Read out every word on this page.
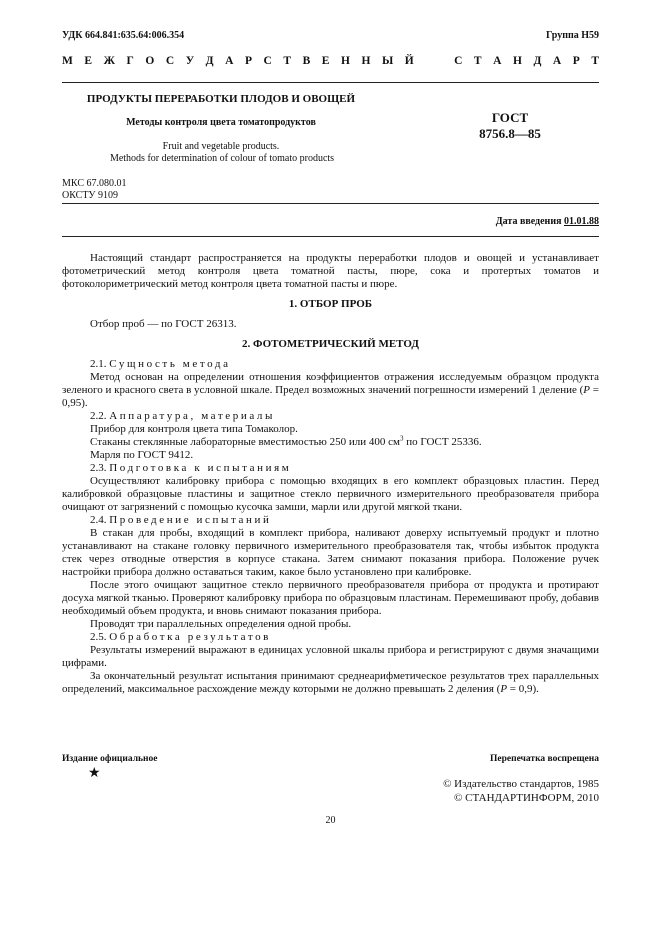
УДК 664.841:635.64:006.354	Группа Н59
М Е Ж Г О С У Д А Р С Т В Е Н Н Ы Й

	С Т А Н Д А Р Т
ПРОДУКТЫ ПЕРЕРАБОТКИ ПЛОДОВ И ОВОЩЕЙ
Методы контроля цвета томатопродуктов
Fruit and vegetable products.
Methods for determination of colour of tomato products
ГОСТ
8756.8—85
МКС 67.080.01
ОКСТУ 9109
Дата введения 01.01.88

Настоящий стандарт распространяется на продукты переработки плодов и овощей и устанавливает фотометрический метод контроля цвета томатной пасты, пюре, сока и протертых томатов и фотоколориметрический метод контроля цвета томатной пасты и пюре.

1. ОТБОР ПРОБ

Отбор проб — по ГОСТ 26313.

2. ФОТОМЕТРИЧЕСКИЙ МЕТОД

2.1. Сущность метода

Метод основан на определении отношения коэффициентов отражения исследуемым образцом продукта зеленого и красного света в условной шкале. Предел возможных значений погрешности измерений 1 деление (P = 0,95).

2.2. Аппаратура, материалы

Прибор для контроля цвета типа Томаколор.

Стаканы стеклянные лабораторные вместимостью 250 или 400 $см^3$ по ГОСТ 25336.

Марля по ГОСТ 9412.

2.3. Подготовка к испытаниям

Осуществляют калибровку прибора с помощью входящих в его комплект образцовых пластин. Перед калибровкой образцовые пластины и защитное стекло первичного измерительного преобразователя прибора очищают от загрязнений с помощью кусочка замши, марли или другой мягкой ткани.

2.4. Проведение испытаний

В стакан для пробы, входящий в комплект прибора, наливают доверху испытуемый продукт и плотно устанавливают на стакане головку первичного измерительного преобразователя так, чтобы избыток продукта стек через отводные отверстия в корпусе стакана. Затем снимают показания прибора. Положение ручек настройки прибора должно оставаться таким, какое было установлено при калибровке.

После этого очищают защитное стекло первичного преобразователя прибора от продукта и протирают досуха мягкой тканью. Проверяют калибровку прибора по образцовым пластинам. Перемешивают пробу, добавив необходимый объем продукта, и вновь снимают показания прибора.

Проводят три параллельных определения одной пробы.

2.5. Обработка результатов

Результаты измерений выражают в единицах условной шкалы прибора и регистрируют с двумя значащими цифрами.

За окончательный результат испытания принимают среднеарифметическое результатов трех параллельных определений, максимальное расхождение между которыми не должно превышать 2 деления (P = 0,9).

Издание официальное	Перепечатка воспрещена
★
© Издательство стандартов, 1985
© СТАНДАРТИНФОРМ, 2010
20
